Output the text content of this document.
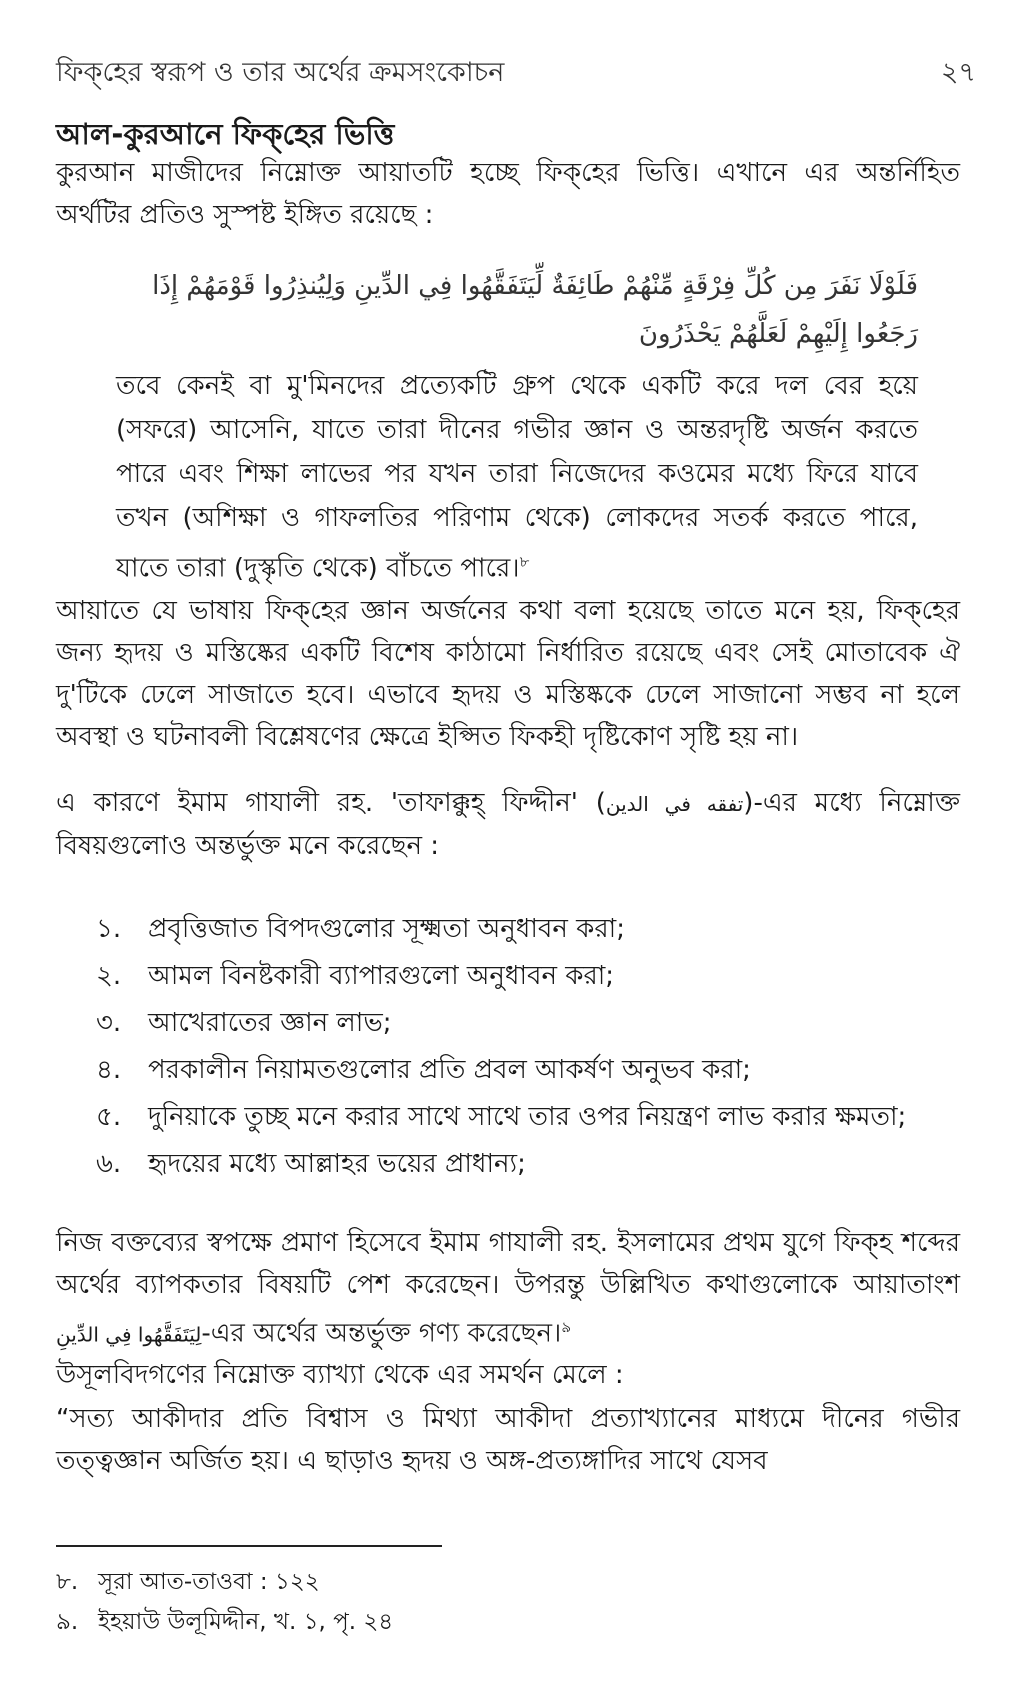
ফিক্‌হের স্বরূপ ও তার অর্থের ক্রমসংকোচন	২৭
আল-কুরআনে ফিক্‌হের ভিত্তি

কুরআন মাজীদের নিম্নোক্ত আয়াতটি হচ্ছে ফিক্‌হের ভিত্তি। এখানে এর অন্তর্নিহিত অর্থটির প্রতিও সুস্পষ্ট ইঙ্গিত রয়েছে :

فَلَوْلَا نَفَرَ مِن كُلِّ فِرْقَةٍ مِّنْهُمْ طَائِفَةٌ لِّيَتَفَقَّهُوا فِي الدِّينِ وَلِيُنذِرُوا قَوْمَهُمْ إِذَا رَجَعُوا إِلَيْهِمْ لَعَلَّهُمْ يَحْذَرُونَ

তবে কেনই বা মু'মিনদের প্রত্যেকটি গ্রুপ থেকে একটি করে দল বের হয়ে (সফরে) আসেনি, যাতে তারা দীনের গভীর জ্ঞান ও অন্তরদৃষ্টি অর্জন করতে পারে এবং শিক্ষা লাভের পর যখন তারা নিজেদের কওমের মধ্যে ফিরে যাবে তখন (অশিক্ষা ও গাফলতির পরিণাম থেকে) লোকদের সতর্ক করতে পারে, যাতে তারা (দুস্কৃতি থেকে) বাঁচতে পারে।$^৮$

আয়াতে যে ভাষায় ফিক্‌হের জ্ঞান অর্জনের কথা বলা হয়েছে তাতে মনে হয়, ফিক্‌হের জন্য হৃদয় ও মস্তিষ্কের একটি বিশেষ কাঠামো নির্ধারিত রয়েছে এবং সেই মোতাবেক ঐ দু'টিকে ঢেলে সাজাতে হবে। এভাবে হৃদয় ও মস্তিষ্ককে ঢেলে সাজানো সম্ভব না হলে অবস্থা ও ঘটনাবলী বিশ্লেষণের ক্ষেত্রে ইপ্সিত ফিকহী দৃষ্টিকোণ সৃষ্টি হয় না।

এ কারণে ইমাম গাযালী রহ. 'তাফাক্কুহ্ ফিদ্দীন' (تفقه في الدين)-এর মধ্যে নিম্নোক্ত বিষয়গুলোও অন্তর্ভুক্ত মনে করেছেন :

১.	প্রবৃত্তিজাত বিপদগুলোর সূক্ষ্মতা অনুধাবন করা;
২.	আমল বিনষ্টকারী ব্যাপারগুলো অনুধাবন করা;
৩.	আখেরাতের জ্ঞান লাভ;
৪.	পরকালীন নিয়ামতগুলোর প্রতি প্রবল আকর্ষণ অনুভব করা;
৫.	দুনিয়াকে তুচ্ছ মনে করার সাথে সাথে তার ওপর নিয়ন্ত্রণ লাভ করার ক্ষমতা;
৬.	হৃদয়ের মধ্যে আল্লাহর ভয়ের প্রাধান্য;

নিজ বক্তব্যের স্বপক্ষে প্রমাণ হিসেবে ইমাম গাযালী রহ. ইসলামের প্রথম যুগে ফিক্‌হ শব্দের অর্থের ব্যাপকতার বিষয়টি পেশ করেছেন। উপরন্তু উল্লিখিত কথাগুলোকে আয়াতাংশ لِيَتَفَقَّهُوا فِي الدِّينِ-এর অর্থের অন্তর্ভুক্ত গণ্য করেছেন।$^৯$

উসূলবিদগণের নিম্নোক্ত ব্যাখ্যা থেকে এর সমর্থন মেলে :

“সত্য আকীদার প্রতি বিশ্বাস ও মিথ্যা আকীদা প্রত্যাখ্যানের মাধ্যমে দীনের গভীর তত্ত্বজ্ঞান অর্জিত হয়। এ ছাড়াও হৃদয় ও অঙ্গ-প্রত্যঙ্গাদির সাথে যেসব

৮. সূরা আত-তাওবা : ১২২
৯. ইহয়াউ উলূমিদ্দীন, খ. ১, পৃ. ২৪
